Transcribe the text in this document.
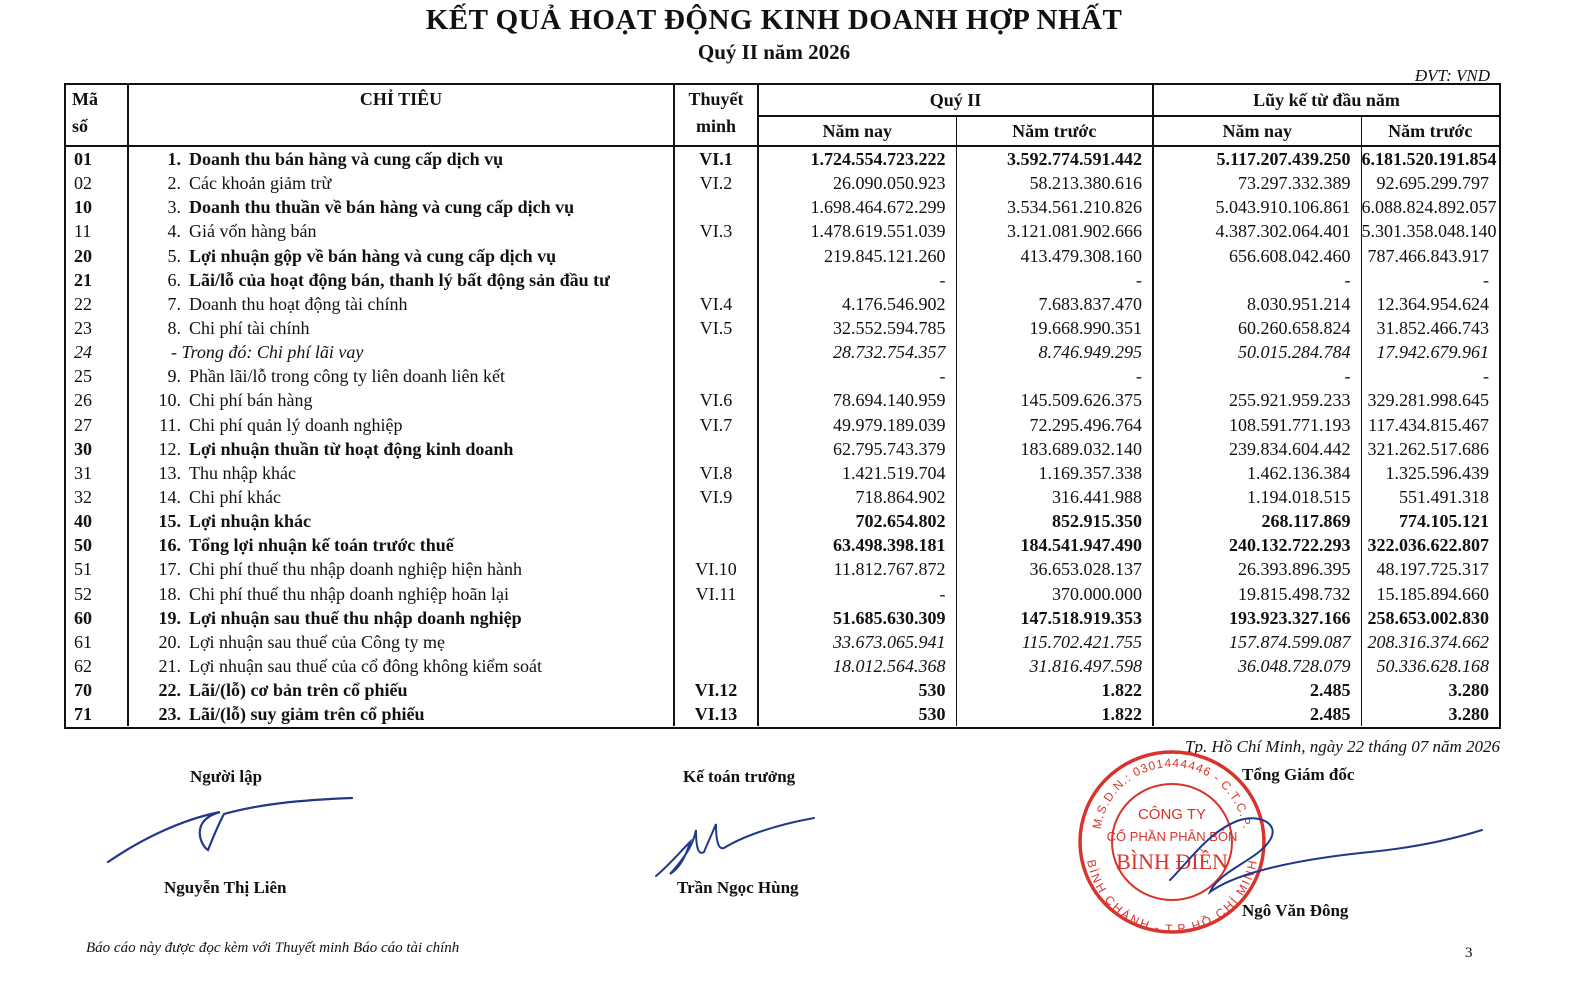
KẾT QUẢ HOẠT ĐỘNG KINH DOANH HỢP NHẤT
Quý II năm 2026
ĐVT: VND
Mã
số	CHỈ TIÊU	Thuyết
minh	Quý II		Lũy kế từ đầu năm	
			Năm nay	Năm trước	Năm nay	Năm trước
01	1. Doanh thu bán hàng và cung cấp dịch vụ	VI.1	1.724.554.723.222	3.592.774.591.442	5.117.207.439.250	6.181.520.191.854
02	2. Các khoản giảm trừ	VI.2	26.090.050.923	58.213.380.616	73.297.332.389	92.695.299.797
10	3. Doanh thu thuần về bán hàng và cung cấp dịch vụ		1.698.464.672.299	3.534.561.210.826	5.043.910.106.861	6.088.824.892.057
11	4. Giá vốn hàng bán	VI.3	1.478.619.551.039	3.121.081.902.666	4.387.302.064.401	5.301.358.048.140
20	5. Lợi nhuận gộp về bán hàng và cung cấp dịch vụ		219.845.121.260	413.479.308.160	656.608.042.460	787.466.843.917
21	6. Lãi/lỗ của hoạt động bán, thanh lý bất động sản đầu tư		-	-	-	-
22	7. Doanh thu hoạt động tài chính	VI.4	4.176.546.902	7.683.837.470	8.030.951.214	12.364.954.624
23	8. Chi phí tài chính	VI.5	32.552.594.785	19.668.990.351	60.260.658.824	31.852.466.743
24	- Trong đó: Chi phí lãi vay		28.732.754.357	8.746.949.295	50.015.284.784	17.942.679.961
25	9. Phần lãi/lỗ trong công ty liên doanh liên kết		-	-	-	-
26	10. Chi phí bán hàng	VI.6	78.694.140.959	145.509.626.375	255.921.959.233	329.281.998.645
27	11. Chi phí quản lý doanh nghiệp	VI.7	49.979.189.039	72.295.496.764	108.591.771.193	117.434.815.467
30	12. Lợi nhuận thuần từ hoạt động kinh doanh		62.795.743.379	183.689.032.140	239.834.604.442	321.262.517.686
31	13. Thu nhập khác	VI.8	1.421.519.704	1.169.357.338	1.462.136.384	1.325.596.439
32	14. Chi phí khác	VI.9	718.864.902	316.441.988	1.194.018.515	551.491.318
40	15. Lợi nhuận khác		702.654.802	852.915.350	268.117.869	774.105.121
50	16. Tổng lợi nhuận kế toán trước thuế		63.498.398.181	184.541.947.490	240.132.722.293	322.036.622.807
51	17. Chi phí thuế thu nhập doanh nghiệp hiện hành	VI.10	11.812.767.872	36.653.028.137	26.393.896.395	48.197.725.317
52	18. Chi phí thuế thu nhập doanh nghiệp hoãn lại	VI.11	-	370.000.000	19.815.498.732	15.185.894.660
60	19. Lợi nhuận sau thuế thu nhập doanh nghiệp		51.685.630.309	147.518.919.353	193.923.327.166	258.653.002.830
61	20. Lợi nhuận sau thuế của Công ty mẹ		33.673.065.941	115.702.421.755	157.874.599.087	208.316.374.662
62	21. Lợi nhuận sau thuế của cổ đông không kiểm soát		18.012.564.368	31.816.497.598	36.048.728.079	50.336.628.168
70	22. Lãi/(lỗ) cơ bản trên cổ phiếu	VI.12	530	1.822	2.485	3.280
71	23. Lãi/(lỗ) suy giảm trên cổ phiếu	VI.13	530	1.822	2.485	3.280
Tp. Hồ Chí Minh, ngày 22 tháng 07 năm 2026
Người lập	Kế toán trưởng	Tổng Giám đốc
M.S.D.N.: 0301444446 - C.T.C.P.
BÌNH CHÁNH - T.P HỒ CHÍ MINH
CÔNG TY
CỔ PHẦN PHÂN BÓN
BÌNH ĐIỀN
Nguyễn Thị Liên	Trần Ngọc Hùng
Ngô Văn Đông
Báo cáo này được đọc kèm với Thuyết minh Báo cáo tài chính	3
